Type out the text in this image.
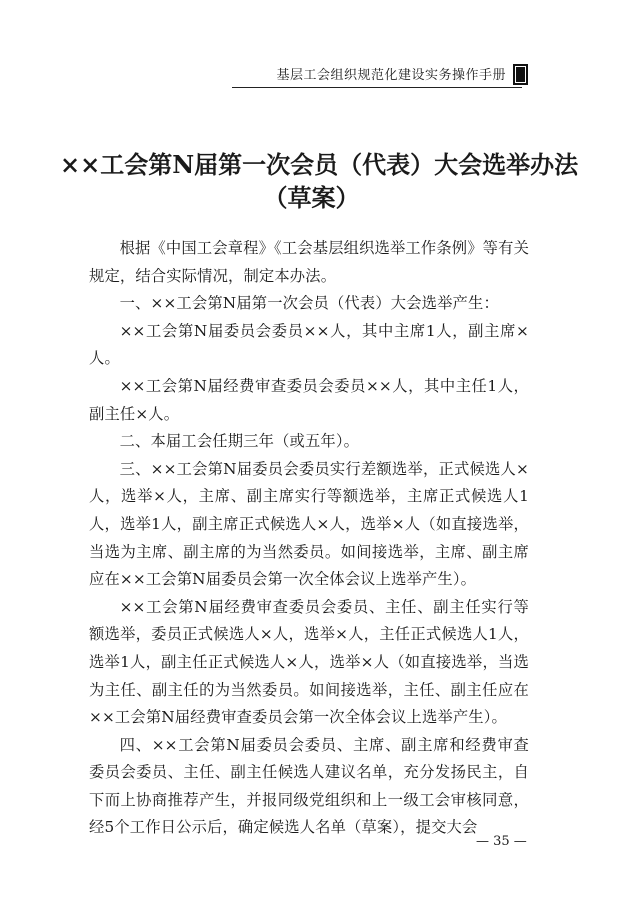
基层工会组织规范化建设实务操作手册
××工会第N届第一次会员（代表）大会选举办法
（草案）

根据《中国工会章程》《工会基层组织选举工作条例》等有关规定，结合实际情况，制定本办法。

一、××工会第N届第一次会员（代表）大会选举产生：

××工会第N届委员会委员××人，其中主席1人，副主席×人。

××工会第N届经费审查委员会委员××人，其中主任1人，副主任×人。

二、本届工会任期三年（或五年）。

三、××工会第N届委员会委员实行差额选举，正式候选人×人，选举×人，主席、副主席实行等额选举，主席正式候选人1人，选举1人，副主席正式候选人×人，选举×人（如直接选举，当选为主席、副主席的为当然委员。如间接选举，主席、副主席应在××工会第N届委员会第一次全体会议上选举产生）。

××工会第N届经费审查委员会委员、主任、副主任实行等额选举，委员正式候选人×人，选举×人，主任正式候选人1人，选举1人，副主任正式候选人×人，选举×人（如直接选举，当选为主任、副主任的为当然委员。如间接选举，主任、副主任应在××工会第N届经费审查委员会第一次全体会议上选举产生）。

四、××工会第N届委员会委员、主席、副主席和经费审查委员会委员、主任、副主任候选人建议名单，充分发扬民主，自下而上协商推荐产生，并报同级党组织和上一级工会审核同意，经5个工作日公示后，确定候选人名单（草案），提交大会

— 35 —
